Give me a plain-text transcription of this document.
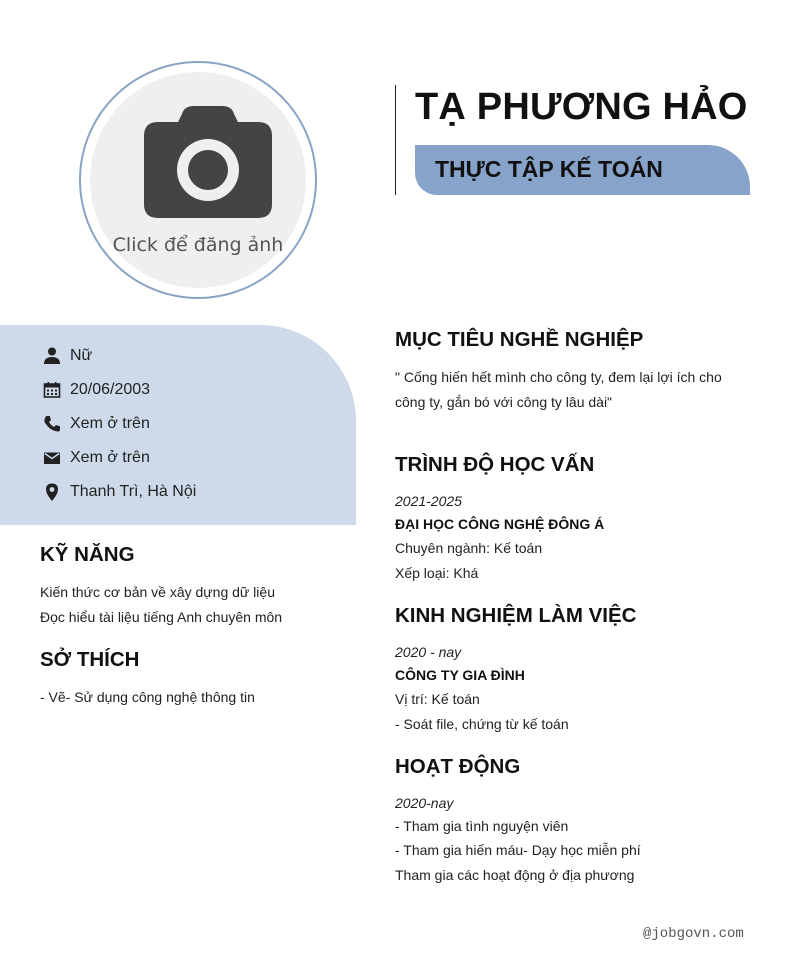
Click để đăng ảnh
TẠ PHƯƠNG HẢO
THỰC TẬP KẾ TOÁN
Nữ
20/06/2003
Xem ở trên
Xem ở trên
Thanh Trì, Hà Nội
KỸ NĂNG
Kiến thức cơ bản về xây dựng dữ liệu
Đọc hiểu tài liệu tiếng Anh chuyên môn
SỞ THÍCH
- Vẽ- Sử dụng công nghệ thông tin
MỤC TIÊU NGHỀ NGHIỆP
" Cống hiến hết mình cho công ty, đem lại lợi ích cho công ty, gắn bó với công ty lâu dài"
TRÌNH ĐỘ HỌC VẤN
2021-2025
ĐẠI HỌC CÔNG NGHỆ ĐÔNG Á
Chuyên ngành: Kế toán
Xếp loại: Khá
KINH NGHIỆM LÀM VIỆC
2020 - nay
CÔNG TY GIA ĐÌNH
Vị trí: Kế toán
- Soát file, chứng từ kế toán
HOẠT ĐỘNG
2020-nay
- Tham gia tình nguyện viên
- Tham gia hiến máu- Dạy học miễn phí
Tham gia các hoạt động ở địa phương
@jobgovn.com
